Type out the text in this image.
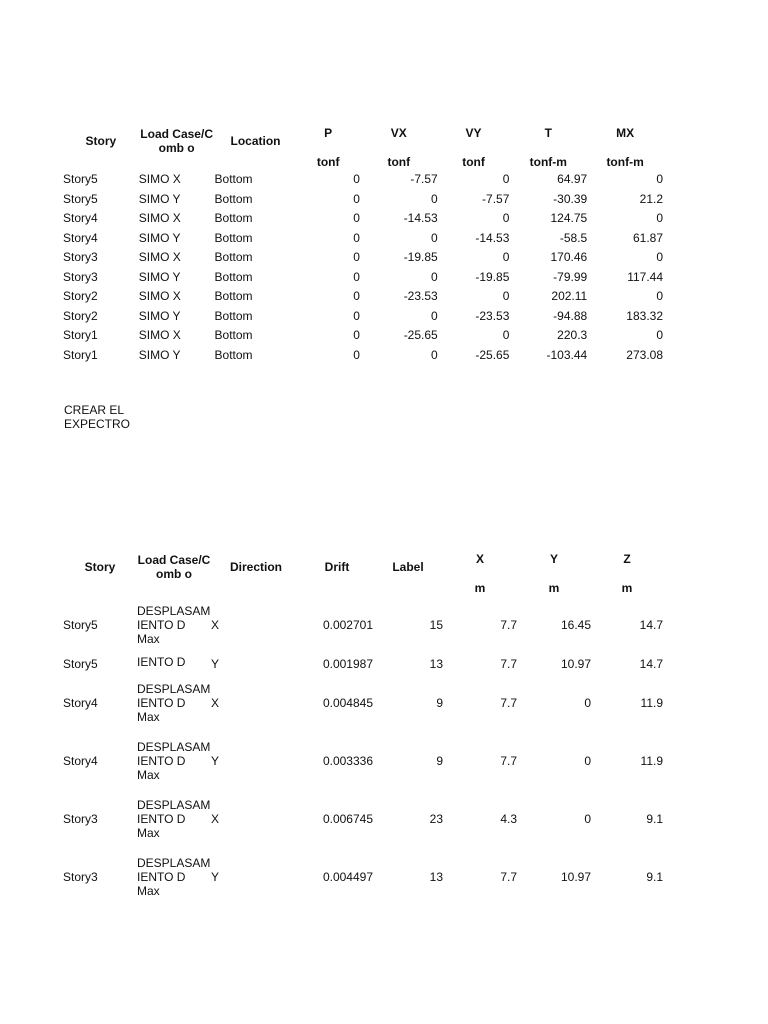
Story	Load Case/Comb o	Location	P	VX	VY	T	MX
			tonf	tonf	tonf	tonf-m	tonf-m
Story5	SIMO X	Bottom	0	-7.57	0	64.97	0
Story5	SIMO Y	Bottom	0	0	-7.57	-30.39	21.2
Story4	SIMO X	Bottom	0	-14.53	0	124.75	0
Story4	SIMO Y	Bottom	0	0	-14.53	-58.5	61.87
Story3	SIMO X	Bottom	0	-19.85	0	170.46	0
Story3	SIMO Y	Bottom	0	0	-19.85	-79.99	117.44
Story2	SIMO X	Bottom	0	-23.53	0	202.11	0
Story2	SIMO Y	Bottom	0	0	-23.53	-94.88	183.32
Story1	SIMO X	Bottom	0	-25.65	0	220.3	0
Story1	SIMO Y	Bottom	0	0	-25.65	-103.44	273.08
CREAR EL EXPECTRO
Story	Load Case/Comb o	Direction	Drift	Label	X	Y	Z
					m	m	m
Story5	DESPLASAM IENTO D Max	X	0.002701	15	7.7	16.45	14.7
Story5	IENTO D	Y	0.001987	13	7.7	10.97	14.7
Story4	DESPLASAM IENTO D Max	X	0.004845	9	7.7	0	11.9
Story4	DESPLASAM IENTO D Max	Y	0.003336	9	7.7	0	11.9
Story3	DESPLASAM IENTO D Max	X	0.006745	23	4.3	0	9.1
Story3	DESPLASAM IENTO D Max	Y	0.004497	13	7.7	10.97	9.1
